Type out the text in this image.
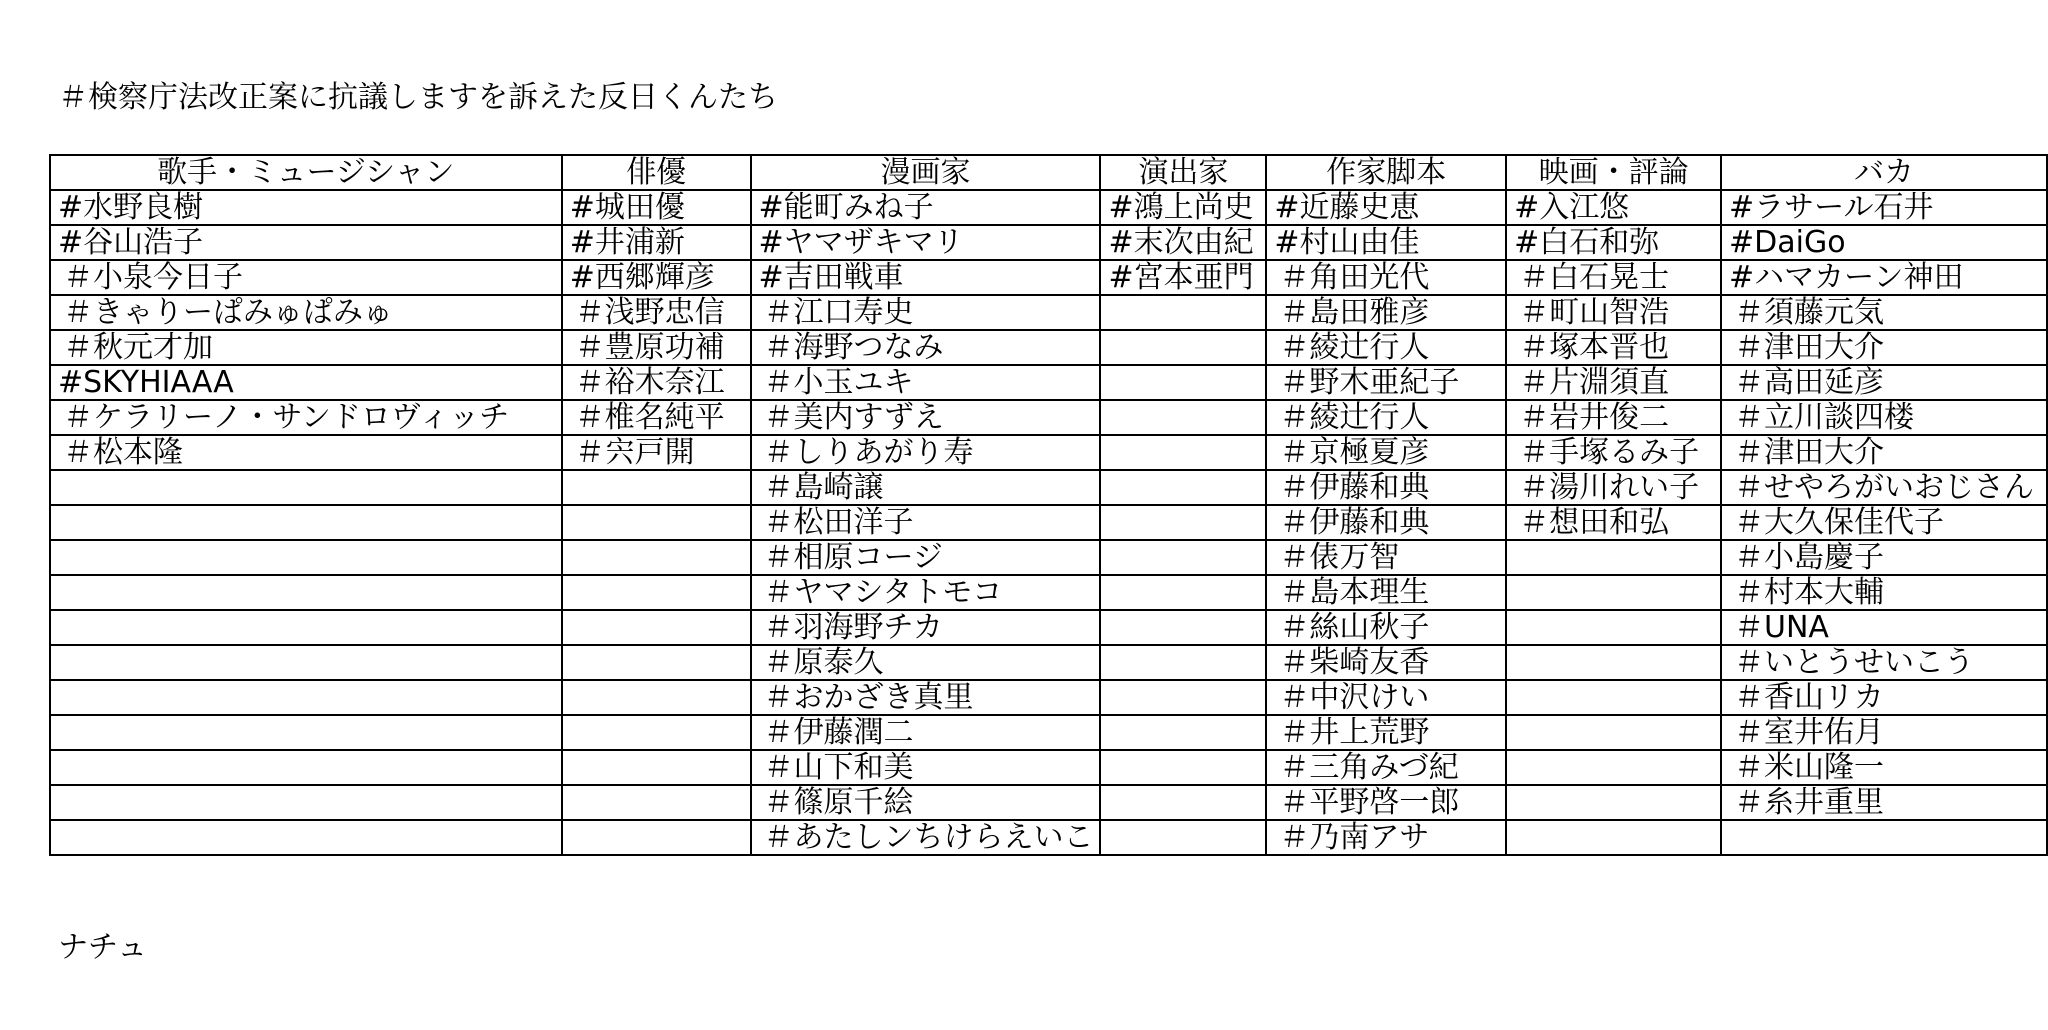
＃検察庁法改正案に抗議しますを訴えた反日くんたち
歌手・ミュージシャン	俳優	漫画家	演出家	作家脚本	映画・評論	バカ
#水野良樹	#城田優	#能町みね子	#鴻上尚史	#近藤史恵	#入江悠	#ラサール石井
#谷山浩子	#井浦新	#ヤマザキマリ	#末次由紀	#村山由佳	#白石和弥	#DaiGo
＃小泉今日子	#西郷輝彦	#吉田戦車	#宮本亜門	＃角田光代	＃白石晃士	#ハマカーン神田
＃きゃりーぱみゅぱみゅ	＃浅野忠信	＃江口寿史		＃島田雅彦	＃町山智浩	＃須藤元気
＃秋元才加	＃豊原功補	＃海野つなみ		＃綾辻行人	＃塚本晋也	＃津田大介
#SKYHIAAA	＃裕木奈江	＃小玉ユキ		＃野木亜紀子	＃片淵須直	＃高田延彦
＃ケラリーノ・サンドロヴィッチ	＃椎名純平	＃美内すずえ		＃綾辻行人	＃岩井俊二	＃立川談四楼
＃松本隆	＃宍戸開	＃しりあがり寿		＃京極夏彦	＃手塚るみ子	＃津田大介
		＃島崎譲		＃伊藤和典	＃湯川れい子	＃せやろがいおじさん
		＃松田洋子		＃伊藤和典	＃想田和弘	＃大久保佳代子
		＃相原コージ		＃俵万智		＃小島慶子
		＃ヤマシタトモコ		＃島本理生		＃村本大輔
		＃羽海野チカ		＃絲山秋子		＃UNA
		＃原泰久		＃柴崎友香		＃いとうせいこう
		＃おかざき真里		＃中沢けい		＃香山リカ
		＃伊藤潤二		＃井上荒野		＃室井佑月
		＃山下和美		＃三角みづ紀		＃米山隆一
		＃篠原千絵		＃平野啓一郎		＃糸井重里
		＃あたしンちけらえいこ		＃乃南アサ		
ナチュ
